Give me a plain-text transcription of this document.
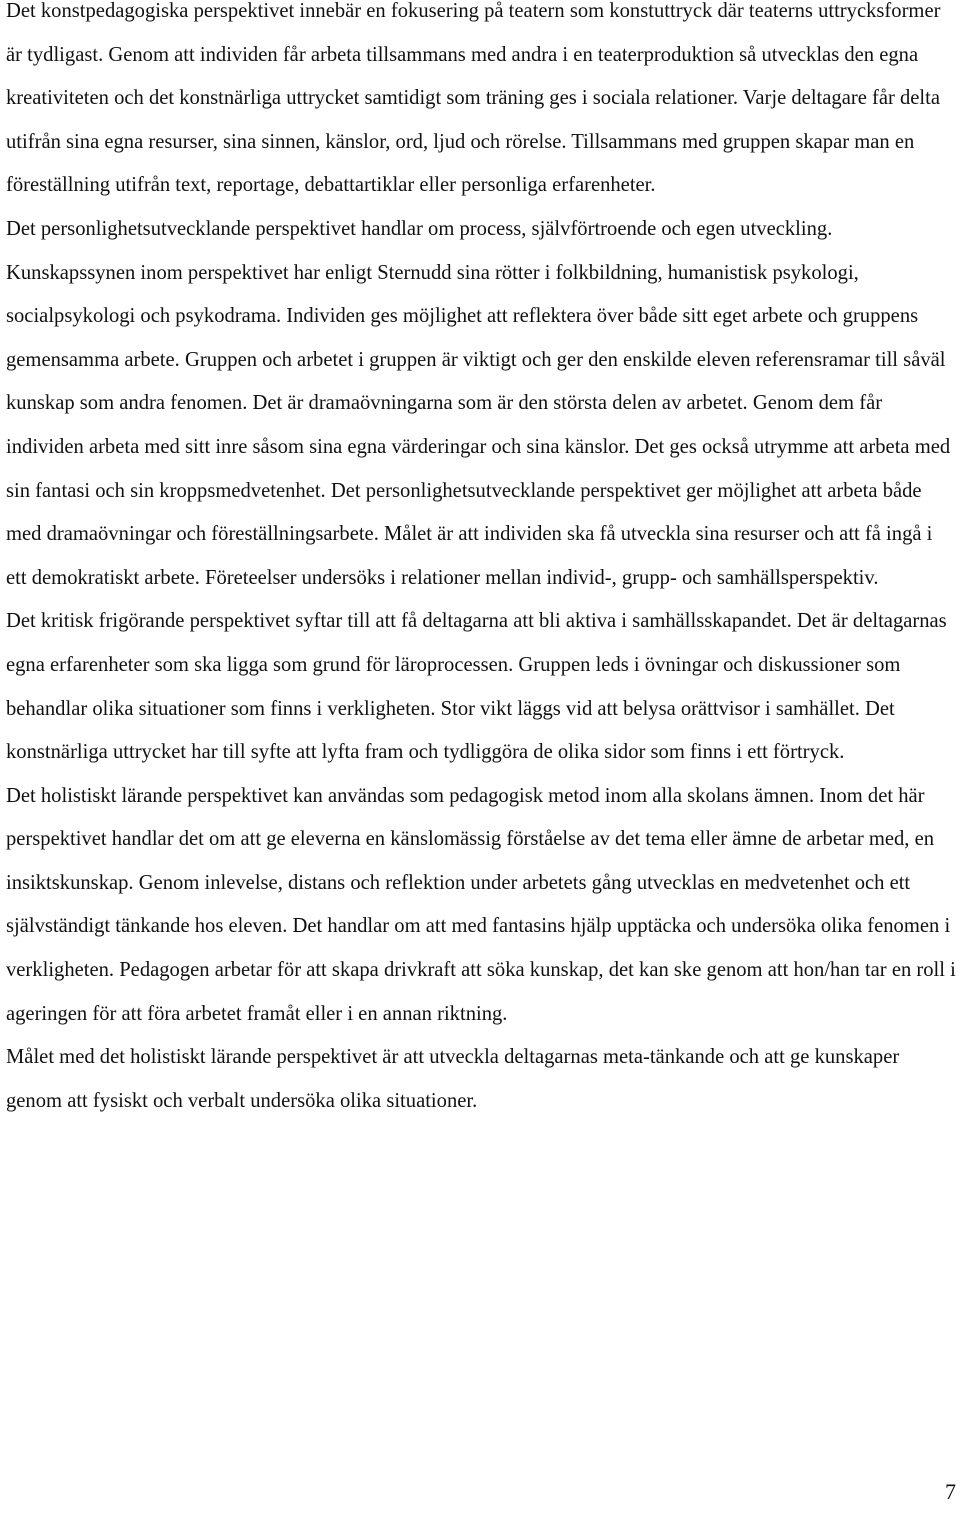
Det konstpedagogiska perspektivet innebär en fokusering på teatern som konstuttryck där teaterns uttrycksformer är tydligast. Genom att individen får arbeta tillsammans med andra i en teaterproduktion så utvecklas den egna kreativiteten och det konstnärliga uttrycket samtidigt som träning ges i sociala relationer. Varje deltagare får delta utifrån sina egna resurser, sina sinnen, känslor, ord, ljud och rörelse. Tillsammans med gruppen skapar man en föreställning utifrån text, reportage, debattartiklar eller personliga erfarenheter.

Det personlighetsutvecklande perspektivet handlar om process, självförtroende och egen utveckling. Kunskapssynen inom perspektivet har enligt Sternudd sina rötter i folkbildning, humanistisk psykologi, socialpsykologi och psykodrama. Individen ges möjlighet att reflektera över både sitt eget arbete och gruppens gemensamma arbete. Gruppen och arbetet i gruppen är viktigt och ger den enskilde eleven referensramar till såväl kunskap som andra fenomen. Det är dramaövningarna som är den största delen av arbetet. Genom dem får individen arbeta med sitt inre såsom sina egna värderingar och sina känslor. Det ges också utrymme att arbeta med sin fantasi och sin kroppsmedvetenhet. Det personlighetsutvecklande perspektivet ger möjlighet att arbeta både med dramaövningar och föreställningsarbete. Målet är att individen ska få utveckla sina resurser och att få ingå i ett demokratiskt arbete. Företeelser undersöks i relationer mellan individ-, grupp- och samhällsperspektiv.

Det kritisk frigörande perspektivet syftar till att få deltagarna att bli aktiva i samhällsskapandet. Det är deltagarnas egna erfarenheter som ska ligga som grund för läroprocessen. Gruppen leds i övningar och diskussioner som behandlar olika situationer som finns i verkligheten. Stor vikt läggs vid att belysa orättvisor i samhället. Det konstnärliga uttrycket har till syfte att lyfta fram och tydliggöra de olika sidor som finns i ett förtryck.

Det holistiskt lärande perspektivet kan användas som pedagogisk metod inom alla skolans ämnen. Inom det här perspektivet handlar det om att ge eleverna en känslomässig förståelse av det tema eller ämne de arbetar med, en insiktskunskap. Genom inlevelse, distans och reflektion under arbetets gång utvecklas en medvetenhet och ett självständigt tänkande hos eleven. Det handlar om att med fantasins hjälp upptäcka och undersöka olika fenomen i verkligheten. Pedagogen arbetar för att skapa drivkraft att söka kunskap, det kan ske genom att hon/han tar en roll i ageringen för att föra arbetet framåt eller i en annan riktning.

Målet med det holistiskt lärande perspektivet är att utveckla deltagarnas meta-tänkande och att ge kunskaper genom att fysiskt och verbalt undersöka olika situationer.

7
